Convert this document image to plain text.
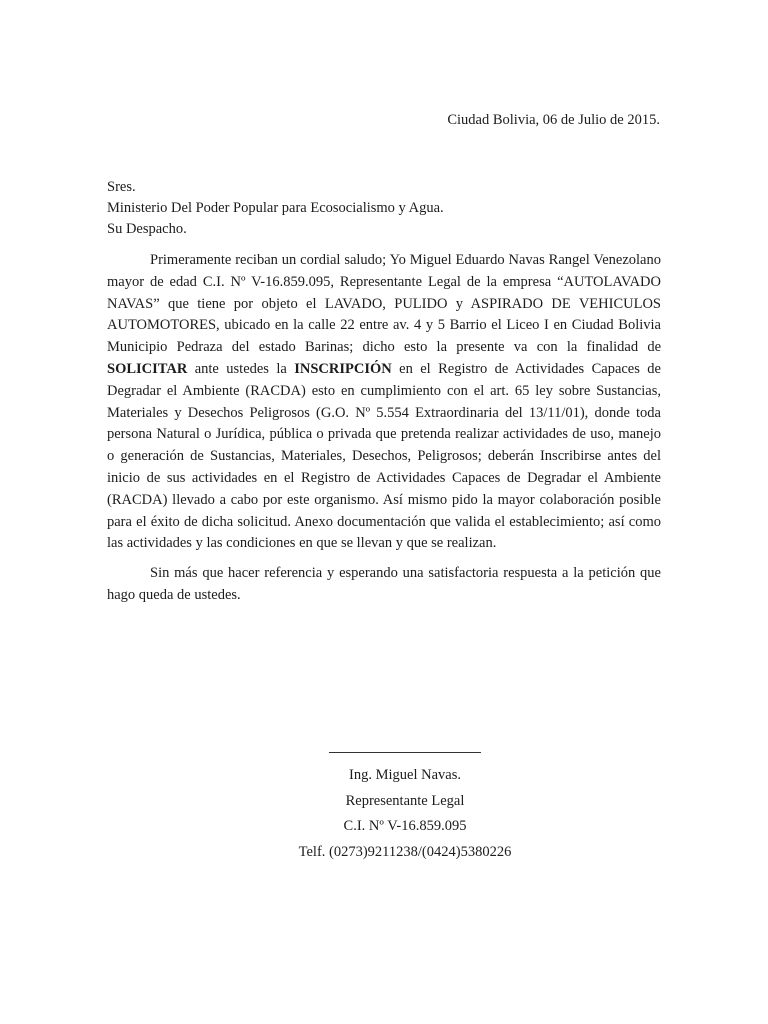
Ciudad Bolivia, 06 de Julio de 2015.
Sres.
Ministerio Del Poder Popular para Ecosocialismo y Agua.
Su Despacho.

Primeramente reciban un cordial saludo; Yo Miguel Eduardo Navas Rangel Venezolano mayor de edad C.I. Nº V-16.859.095, Representante Legal de la empresa “AUTOLAVADO NAVAS” que tiene por objeto el LAVADO, PULIDO y ASPIRADO DE VEHICULOS AUTOMOTORES, ubicado en la calle 22 entre av. 4 y 5 Barrio el Liceo I en Ciudad Bolivia Municipio Pedraza del estado Barinas; dicho esto la presente va con la finalidad de SOLICITAR ante ustedes la INSCRIPCIÓN en el Registro de Actividades Capaces de Degradar el Ambiente (RACDA) esto en cumplimiento con el art. 65 ley sobre Sustancias, Materiales y Desechos Peligrosos (G.O. Nº 5.554 Extraordinaria del 13/11/01), donde toda persona Natural o Jurídica, pública o privada que pretenda realizar actividades de uso, manejo o generación de Sustancias, Materiales, Desechos, Peligrosos; deberán Inscribirse antes del inicio de sus actividades en el Registro de Actividades Capaces de Degradar el Ambiente (RACDA) llevado a cabo por este organismo. Así mismo pido la mayor colaboración posible para el éxito de dicha solicitud. Anexo documentación que valida el establecimiento; así como las actividades y las condiciones en que se llevan y que se realizan.

Sin más que hacer referencia y esperando una satisfactoria respuesta a la petición que hago queda de ustedes.

Ing. Miguel Navas.
Representante Legal
C.I. Nº V-16.859.095
Telf. (0273)9211238/(0424)5380226
